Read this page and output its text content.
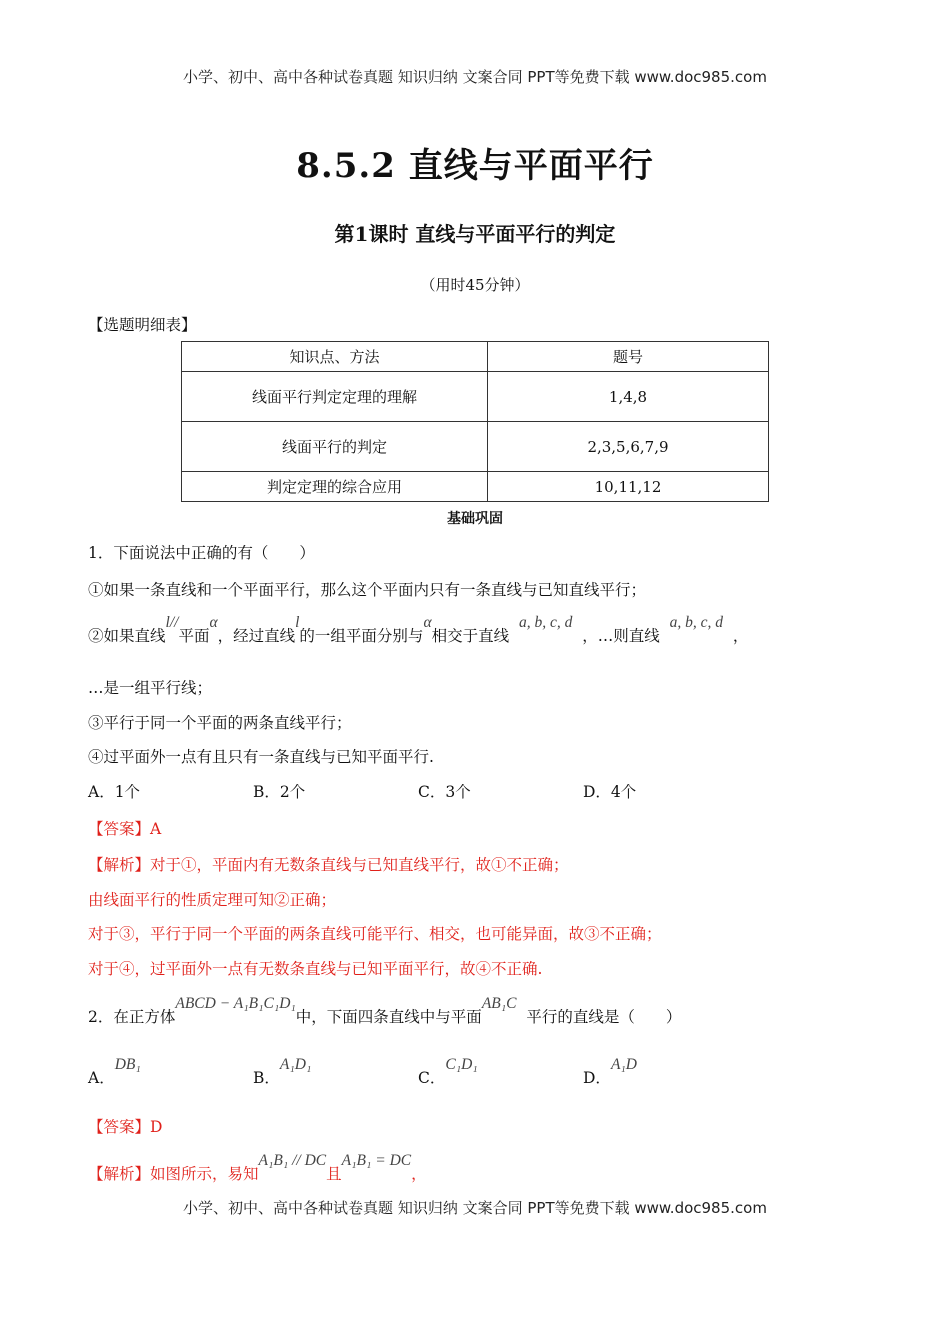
小学、初中、高中各种试卷真题 知识归纳 文案合同 PPT等免费下载 www.doc985.com
8.5.2 直线与平面平行
第1课时 直线与平面平行的判定
（用时45分钟）
【选题明细表】
知识点、方法	题号
线面平行判定定理的理解	1,4,8
线面平行的判定	2,3,5,6,7,9
判定定理的综合应用	10,11,12
基础巩固
1．下面说法中正确的有（　　）
①如果一条直线和一个平面平行，那么这个平面内只有一条直线与已知直线平行；
②如果直线l//平面α，经过直线l的一组平面分别与α相交于直线  a, b, c, d  ，…则直线  a, b, c, d  ，
…是一组平行线；
③平行于同一个平面的两条直线平行；
④过平面外一点有且只有一条直线与已知平面平行.
A．1个	B．2个	C．3个	D．4个
【答案】A
【解析】对于①，平面内有无数条直线与已知直线平行，故①不正确；
由线面平行的性质定理可知②正确；
对于③，平行于同一个平面的两条直线可能平行、相交，也可能异面，故③不正确；
对于④，过平面外一点有无数条直线与已知平面平行，故④不正确.
2．在正方体ABCD − A₁B₁C₁D₁中，下面四条直线中与平面AB₁C  平行的直线是（　　）
A．DB₁
B．A₁D₁
C．C₁D₁
D．A₁D
【答案】D
【解析】如图所示，易知A₁B₁ // DC且A₁B₁ = DC，
小学、初中、高中各种试卷真题 知识归纳 文案合同 PPT等免费下载 www.doc985.com
